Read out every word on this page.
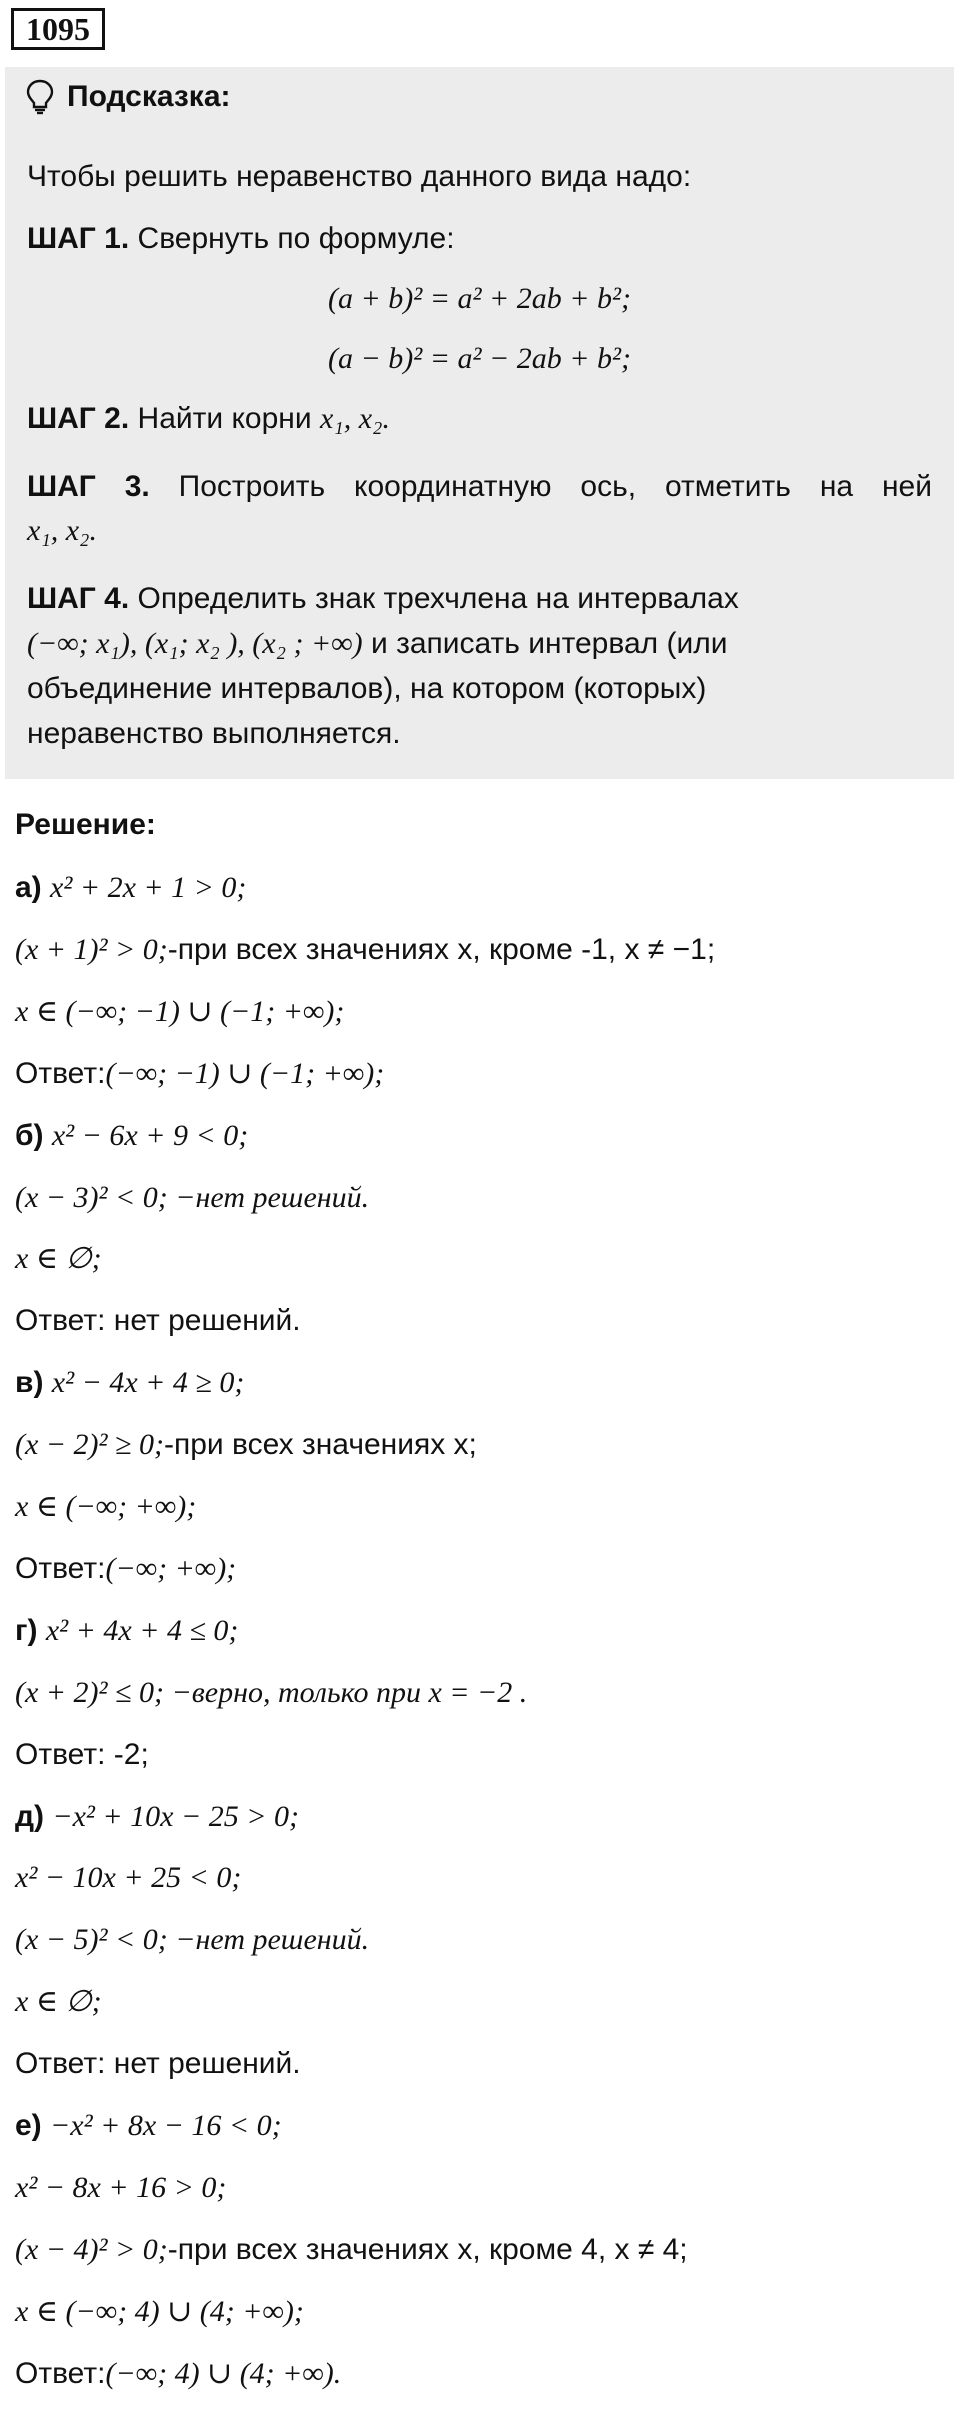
1095
Подсказка:
Чтобы решить неравенство данного вида надо:
ШАГ 1. Свернуть по формуле:
(a + b)² = a² + 2ab + b²;
(a − b)² = a² − 2ab + b²;
ШАГ 2. Найти корни x₁, x₂.
ШАГ 3. Построить координатную ось, отметить на ней
x₁, x₂.
ШАГ 4. Определить знак трехчлена на интервалах
(−∞; x₁), (x₁; x₂ ), (x₂ ; +∞) и записать интервал (или
объединение интервалов), на котором (которых)
неравенство выполняется.
Решение:
а) x² + 2x + 1 > 0;
(x + 1)² > 0;-при всех значениях x, кроме -1, x ≠ −1;
x ∈ (−∞; −1) ∪ (−1; +∞);
Ответ:(−∞; −1) ∪ (−1; +∞);
б) x² − 6x + 9 < 0;
(x − 3)² < 0; −нет решений.
x ∈ ∅;
Ответ: нет решений.
в) x² − 4x + 4 ≥ 0;
(x − 2)² ≥ 0;-при всех значениях x;
x ∈ (−∞; +∞);
Ответ:(−∞; +∞);
г) x² + 4x + 4 ≤ 0;
(x + 2)² ≤ 0; −верно, только при x = −2 .
Ответ: -2;
д) −x² + 10x − 25 > 0;
x² − 10x + 25 < 0;
(x − 5)² < 0; −нет решений.
x ∈ ∅;
Ответ: нет решений.
е) −x² + 8x − 16 < 0;
x² − 8x + 16 > 0;
(x − 4)² > 0;-при всех значениях x, кроме 4, x ≠ 4;
x ∈ (−∞; 4) ∪ (4; +∞);
Ответ:(−∞; 4) ∪ (4; +∞).
